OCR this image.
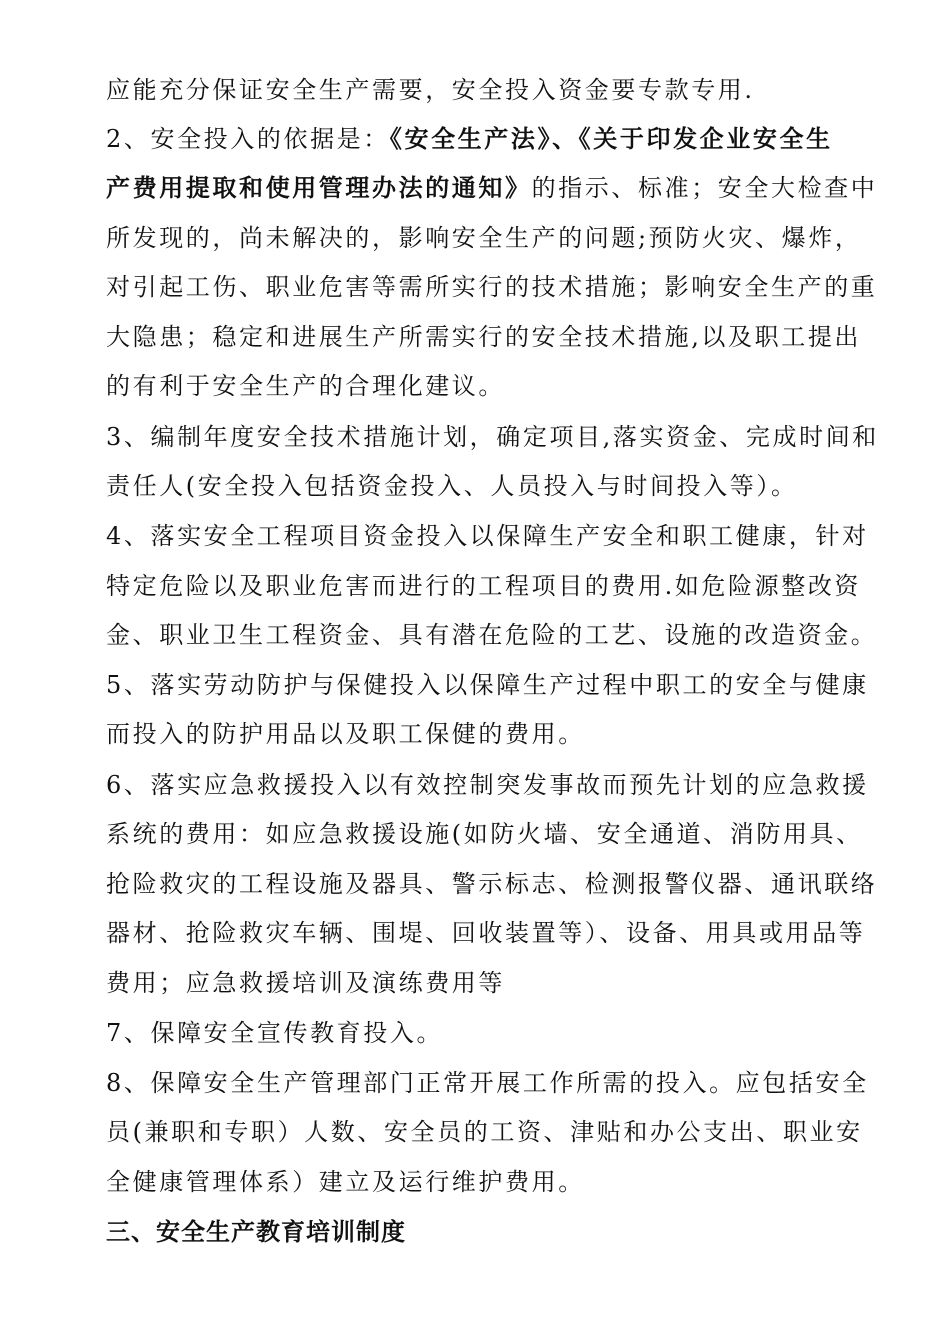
应能充分保证安全生产需要，安全投入资金要专款专用.
2、安全投入的依据是：《安全生产法》、《关于印发企业安全生
产费用提取和使用管理办法的通知》的指示、标准；安全大检查中
所发现的，尚未解决的，影响安全生产的问题;预防火灾、爆炸，
对引起工伤、职业危害等需所实行的技术措施；影响安全生产的重
大隐患；稳定和进展生产所需实行的安全技术措施,以及职工提出
的有利于安全生产的合理化建议。
3、编制年度安全技术措施计划，确定项目,落实资金、完成时间和
责任人(安全投入包括资金投入、人员投入与时间投入等）。
4、落实安全工程项目资金投入以保障生产安全和职工健康，针对
特定危险以及职业危害而进行的工程项目的费用.如危险源整改资
金、职业卫生工程资金、具有潜在危险的工艺、设施的改造资金。
5、落实劳动防护与保健投入以保障生产过程中职工的安全与健康
而投入的防护用品以及职工保健的费用。
6、落实应急救援投入以有效控制突发事故而预先计划的应急救援
系统的费用：如应急救援设施(如防火墙、安全通道、消防用具、
抢险救灾的工程设施及器具、警示标志、检测报警仪器、通讯联络
器材、抢险救灾车辆、围堤、回收装置等）、设备、用具或用品等
费用；应急救援培训及演练费用等
7、保障安全宣传教育投入。
8、保障安全生产管理部门正常开展工作所需的投入。应包括安全
员(兼职和专职）人数、安全员的工资、津贴和办公支出、职业安
全健康管理体系）建立及运行维护费用。
三、安全生产教育培训制度
